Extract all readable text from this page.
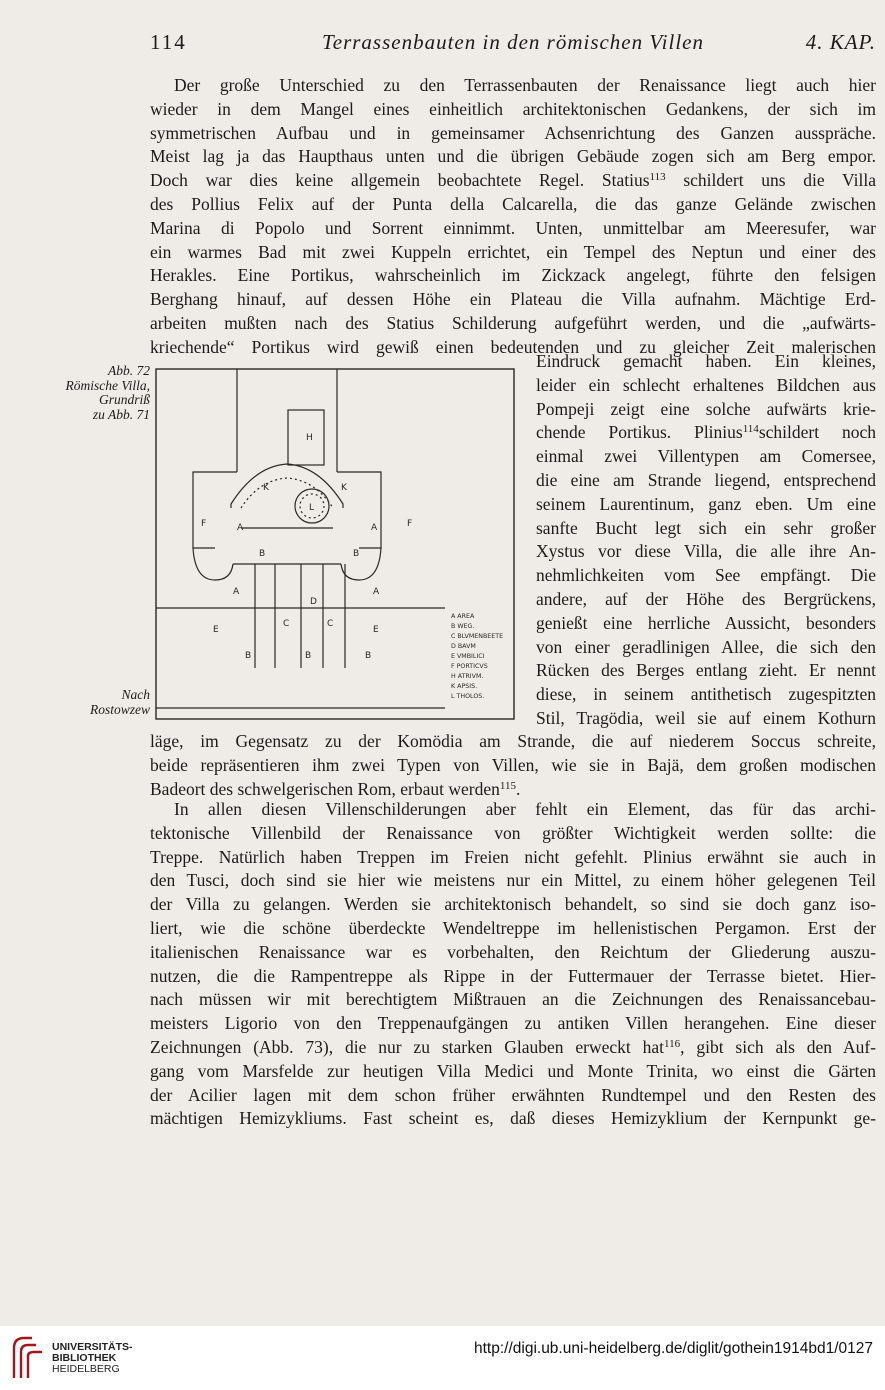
114	Terrassenbauten in den römischen Villen	4. KAP.
Der große Unterschied zu den Terrassenbauten der Renaissance liegt auch hier
wieder in dem Mangel eines einheitlich architektonischen Gedankens, der sich im
symmetrischen Aufbau und in gemeinsamer Achsenrichtung des Ganzen ausspräche.
Meist lag ja das Haupthaus unten und die übrigen Gebäude zogen sich am Berg empor.
Doch war dies keine allgemein beobachtete Regel. Statius$^{113}$ schildert uns die Villa
des Pollius Felix auf der Punta della Calcarella, die das ganze Gelände zwischen
Marina di Popolo und Sorrent einnimmt. Unten, unmittelbar am Meeresufer, war
ein warmes Bad mit zwei Kuppeln errichtet, ein Tempel des Neptun und einer des
Herakles. Eine Portikus, wahrscheinlich im Zickzack angelegt, führte den felsigen
Berghang hinauf, auf dessen Höhe ein Plateau die Villa aufnahm. Mächtige Erd-
arbeiten mußten nach des Statius Schilderung aufgeführt werden, und die „aufwärts-
kriechende“ Portikus wird gewiß einen bedeutenden und zu gleicher Zeit malerischen
Abb. 72
Römische Villa,
Grundriß
zu Abb. 71
Nach
Rostowzew
H
K	K
L
F	F
A	A
B	B
A	A
D
E	E
C	C
B	B	B
A AREA
B WEG.
C BLVMENBEETE
D BAVM
E VMBILICI
F PORTICVS
H ATRIVM.
K APSIS.
L THOLOS.
Eindruck gemacht haben. Ein kleines,
leider ein schlecht erhaltenes Bildchen aus
Pompeji zeigt eine solche aufwärts krie-
chende Portikus. Plinius$^{114}$schildert noch
einmal zwei Villentypen am Comersee,
die eine am Strande liegend, entsprechend
seinem Laurentinum, ganz eben. Um eine
sanfte Bucht legt sich ein sehr großer
Xystus vor diese Villa, die alle ihre An-
nehmlichkeiten vom See empfängt. Die
andere, auf der Höhe des Bergrückens,
genießt eine herrliche Aussicht, besonders
von einer geradlinigen Allee, die sich den
Rücken des Berges entlang zieht. Er nennt
diese, in seinem antithetisch zugespitzten
Stil, Tragödia, weil sie auf einem Kothurn
läge, im Gegensatz zu der Komödia am Strande, die auf niederem Soccus schreite,
beide repräsentieren ihm zwei Typen von Villen, wie sie in Bajä, dem großen modischen
Badeort des schwelgerischen Rom, erbaut werden$^{115}$.
In allen diesen Villenschilderungen aber fehlt ein Element, das für das archi-
tektonische Villenbild der Renaissance von größter Wichtigkeit werden sollte: die
Treppe. Natürlich haben Treppen im Freien nicht gefehlt. Plinius erwähnt sie auch in
den Tusci, doch sind sie hier wie meistens nur ein Mittel, zu einem höher gelegenen Teil
der Villa zu gelangen. Werden sie architektonisch behandelt, so sind sie doch ganz iso-
liert, wie die schöne überdeckte Wendeltreppe im hellenistischen Pergamon. Erst der
italienischen Renaissance war es vorbehalten, den Reichtum der Gliederung auszu-
nutzen, die die Rampentreppe als Rippe in der Futtermauer der Terrasse bietet. Hier-
nach müssen wir mit berechtigtem Mißtrauen an die Zeichnungen des Renaissancebau-
meisters Ligorio von den Treppenaufgängen zu antiken Villen herangehen. Eine dieser
Zeichnungen (Abb. 73), die nur zu starken Glauben erweckt hat$^{116}$, gibt sich als den Auf-
gang vom Marsfelde zur heutigen Villa Medici und Monte Trinita, wo einst die Gärten
der Acilier lagen mit dem schon früher erwähnten Rundtempel und den Resten des
mächtigen Hemizykliums. Fast scheint es, daß dieses Hemizyklium der Kernpunkt ge-
UNIVERSITÄTS-
BIBLIOTHEK
HEIDELBERG
http://digi.ub.uni-heidelberg.de/diglit/gothein1914bd1/0127
